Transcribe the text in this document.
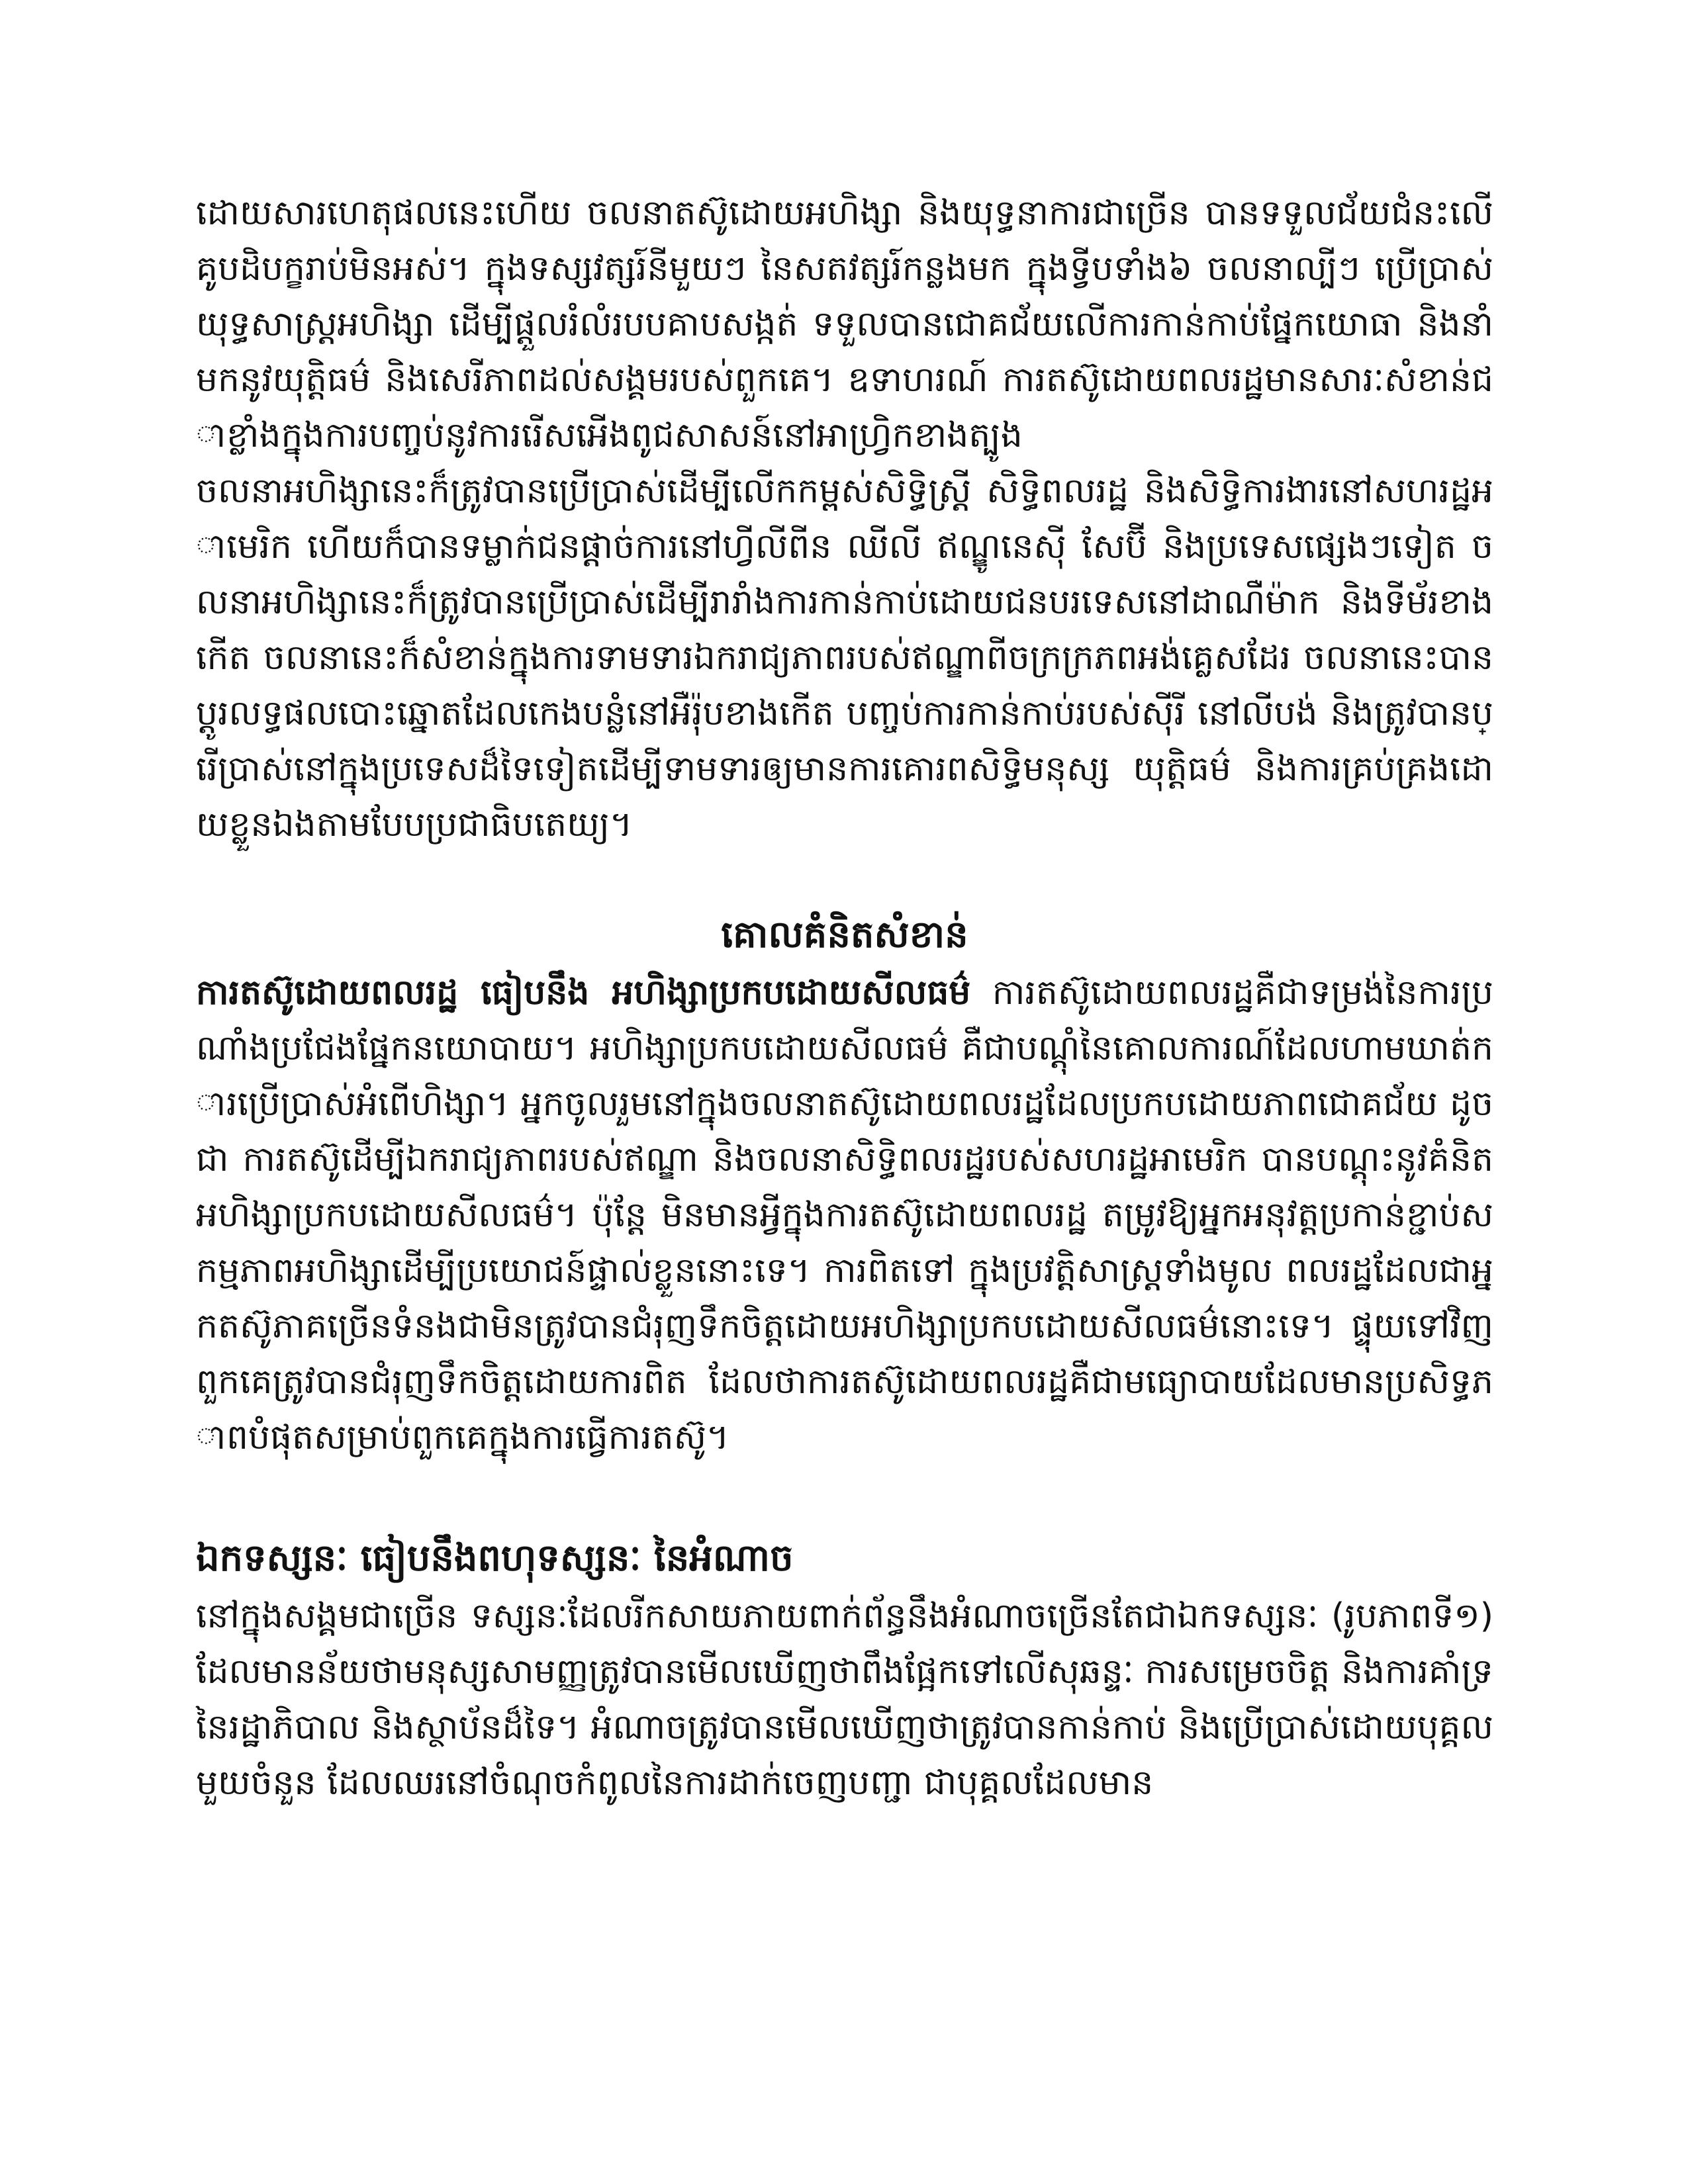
ដោយសារហេតុផលនេះហើយ ចលនាតស៊ូដោយអហិង្សា និងយុទ្ធនាការជាច្រើន បានទទួលជ័យជំនះលើគូបដិបក្ខរាប់មិនអស់។ ក្នុងទស្សវត្សរ៍នីមួយៗ នៃសតវត្សរ៍កន្លងមក ក្នុងទ្វីបទាំង៦ ចលនាល្បីៗ ប្រើប្រាស់យុទ្ធសាស្ត្រអហិង្សា ដើម្បីផ្តួលរំលំរបបគាបសង្កត់ ទទួលបានជោគជ័យលើការកាន់កាប់ផ្នែកយោធា និងនាំមកនូវយុត្តិធម៌ និងសេរីភាពដល់សង្គមរបស់ពួកគេ។ ឧទាហរណ៍ ការតស៊ូដោយពលរដ្ឋមានសារៈសំខាន់ជាខ្លាំងក្នុងការបញ្ចប់នូវការរើសអើងពូជសាសន៍នៅអាហ្វ្រិកខាងត្បូង

ចលនាអហិង្សានេះក៏ត្រូវបានប្រើប្រាស់ដើម្បីលើកកម្ពស់សិទ្ធិស្ត្រី សិទ្ធិពលរដ្ឋ និងសិទ្ធិការងារនៅសហរដ្ឋអាមេរិក ហើយក៏បានទម្លាក់ជនផ្តាច់ការនៅហ្វីលីពីន ឈីលី ឥណ្ឌូនេស៊ី សែប៊ី និងប្រទេសផ្សេងៗទៀត ចលនាអហិង្សានេះក៏ត្រូវបានប្រើប្រាស់ដើម្បីរារាំងការកាន់កាប់ដោយជនបរទេសនៅដាណឺម៉ាក និងទីម័រខាងកើត ចលនានេះក៏សំខាន់ក្នុងការទាមទារឯករាជ្យភាពរបស់ឥណ្ឌាពីចក្រក្រភពអង់គ្លេសដែរ ចលនានេះបានប្តូរលទ្ធផលបោះឆ្នោតដែលកេងបន្លំនៅអឺរ៉ុបខាងកើត បញ្ចប់ការកាន់កាប់របស់ស៊ីរី នៅលីបង់ និងត្រូវបានប្រើប្រាស់នៅក្នុងប្រទេសដ៏ទៃទៀតដើម្បីទាមទារឲ្យមានការគោរពសិទ្ធិមនុស្ស យុត្តិធម៌ និងការគ្រប់គ្រងដោយខ្លួនឯងតាមបែបប្រជាធិបតេយ្យ។

គោលគំនិតសំខាន់

ការតស៊ូដោយពលរដ្ឋ ធៀបនឹង អហិង្សាប្រកបដោយសីលធម៌ ការតស៊ូដោយពលរដ្ឋគឺជាទម្រង់នៃការប្រណាំងប្រជែងផ្នែកនយោបាយ។ អហិង្សាប្រកបដោយសីលធម៌ គឺជាបណ្តុំនៃគោលការណ៍ដែលហាមឃាត់ការប្រើប្រាស់អំពើហិង្សា។ អ្នកចូលរួមនៅក្នុងចលនាតស៊ូដោយពលរដ្ឋដែលប្រកបដោយភាពជោគជ័យ ដូចជា ការតស៊ូដើម្បីឯករាជ្យភាពរបស់ឥណ្ឌា និងចលនាសិទ្ធិពលរដ្ឋរបស់សហរដ្ឋអាមេរិក បានបណ្តុះនូវគំនិតអហិង្សាប្រកបដោយសីលធម៌។ ប៉ុន្តែ មិនមានអ្វីក្នុងការតស៊ូដោយពលរដ្ឋ តម្រូវឱ្យអ្នកអនុវត្តប្រកាន់ខ្ជាប់សកម្មភាពអហិង្សាដើម្បីប្រយោជន៍ផ្ទាល់ខ្លួននោះទេ។ ការពិតទៅ ក្នុងប្រវត្តិសាស្ត្រទាំងមូល ពលរដ្ឋដែលជាអ្នកតស៊ូភាគច្រើនទំនងជាមិនត្រូវបានជំរុញទឹកចិត្តដោយអហិង្សាប្រកបដោយសីលធម៌នោះទេ។ ផ្ទុយទៅវិញ ពួកគេត្រូវបានជំរុញទឹកចិត្តដោយការពិត ដែលថាការតស៊ូដោយពលរដ្ឋគឺជាមធ្យោបាយដែលមានប្រសិទ្ធភាពបំផុតសម្រាប់ពួកគេក្នុងការធ្វើការតស៊ូ។

ឯកទស្សនៈ ធៀបនឹងពហុទស្សនៈ នៃអំណាច

នៅក្នុងសង្គមជាច្រើន ទស្សនៈដែលរីកសាយភាយពាក់ព័ន្ធនឹងអំណាចច្រើនតែជាឯកទស្សនៈ (រូបភាពទី១) ដែលមានន័យថាមនុស្សសាមញ្ញត្រូវបានមើលឃើញថាពឹងផ្អែកទៅលើសុឆន្ទៈ ការសម្រេចចិត្ត និងការគាំទ្រនៃរដ្ឋាភិបាល និងស្ថាប័នដ៏ទៃ។ អំណាចត្រូវបានមើលឃើញថាត្រូវបានកាន់កាប់ និងប្រើប្រាស់ដោយបុគ្គលមួយចំនួន ដែលឈរនៅចំណុចកំពូលនៃការដាក់ចេញបញ្ជា ជាបុគ្គលដែលមាន
